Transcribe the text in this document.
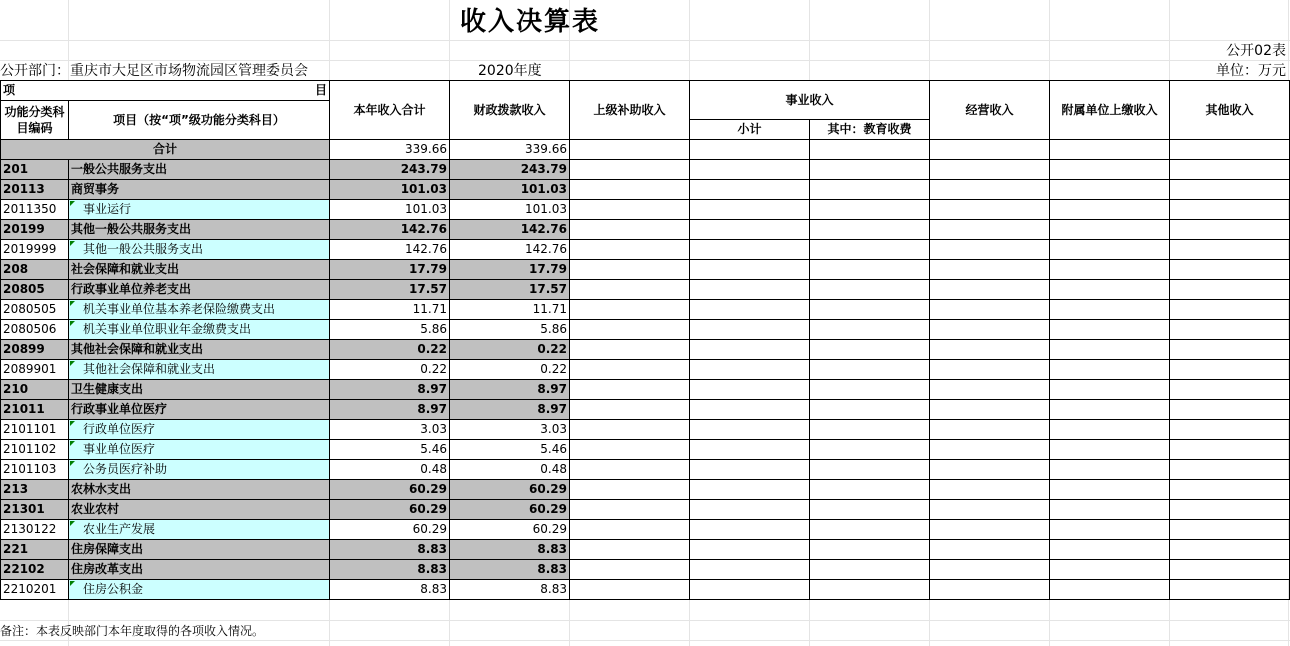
收入决算表
公开02表
公开部门：重庆市大足区市场物流园区管理委员会	2020年度	单位：万元
项 目		本年收入合计	财政拨款收入	上级补助收入	事业收入		经营收入	附属单位上缴收入	其他收入
功能分类科目编码	项目（按“项”级功能分类科目）								
					小计	其中：教育收费			
合计		339.66	339.66						
201	一般公共服务支出	243.79	243.79						
20113	商贸事务	101.03	101.03						
2011350	事业运行	101.03	101.03						
20199	其他一般公共服务支出	142.76	142.76						
2019999	其他一般公共服务支出	142.76	142.76						
208	社会保障和就业支出	17.79	17.79						
20805	行政事业单位养老支出	17.57	17.57						
2080505	机关事业单位基本养老保险缴费支出	11.71	11.71						
2080506	机关事业单位职业年金缴费支出	5.86	5.86						
20899	其他社会保障和就业支出	0.22	0.22						
2089901	其他社会保障和就业支出	0.22	0.22						
210	卫生健康支出	8.97	8.97						
21011	行政事业单位医疗	8.97	8.97						
2101101	行政单位医疗	3.03	3.03						
2101102	事业单位医疗	5.46	5.46						
2101103	公务员医疗补助	0.48	0.48						
213	农林水支出	60.29	60.29						
21301	农业农村	60.29	60.29						
2130122	农业生产发展	60.29	60.29						
221	住房保障支出	8.83	8.83						
22102	住房改革支出	8.83	8.83						
2210201	住房公积金	8.83	8.83						
备注：本表反映部门本年度取得的各项收入情况。
